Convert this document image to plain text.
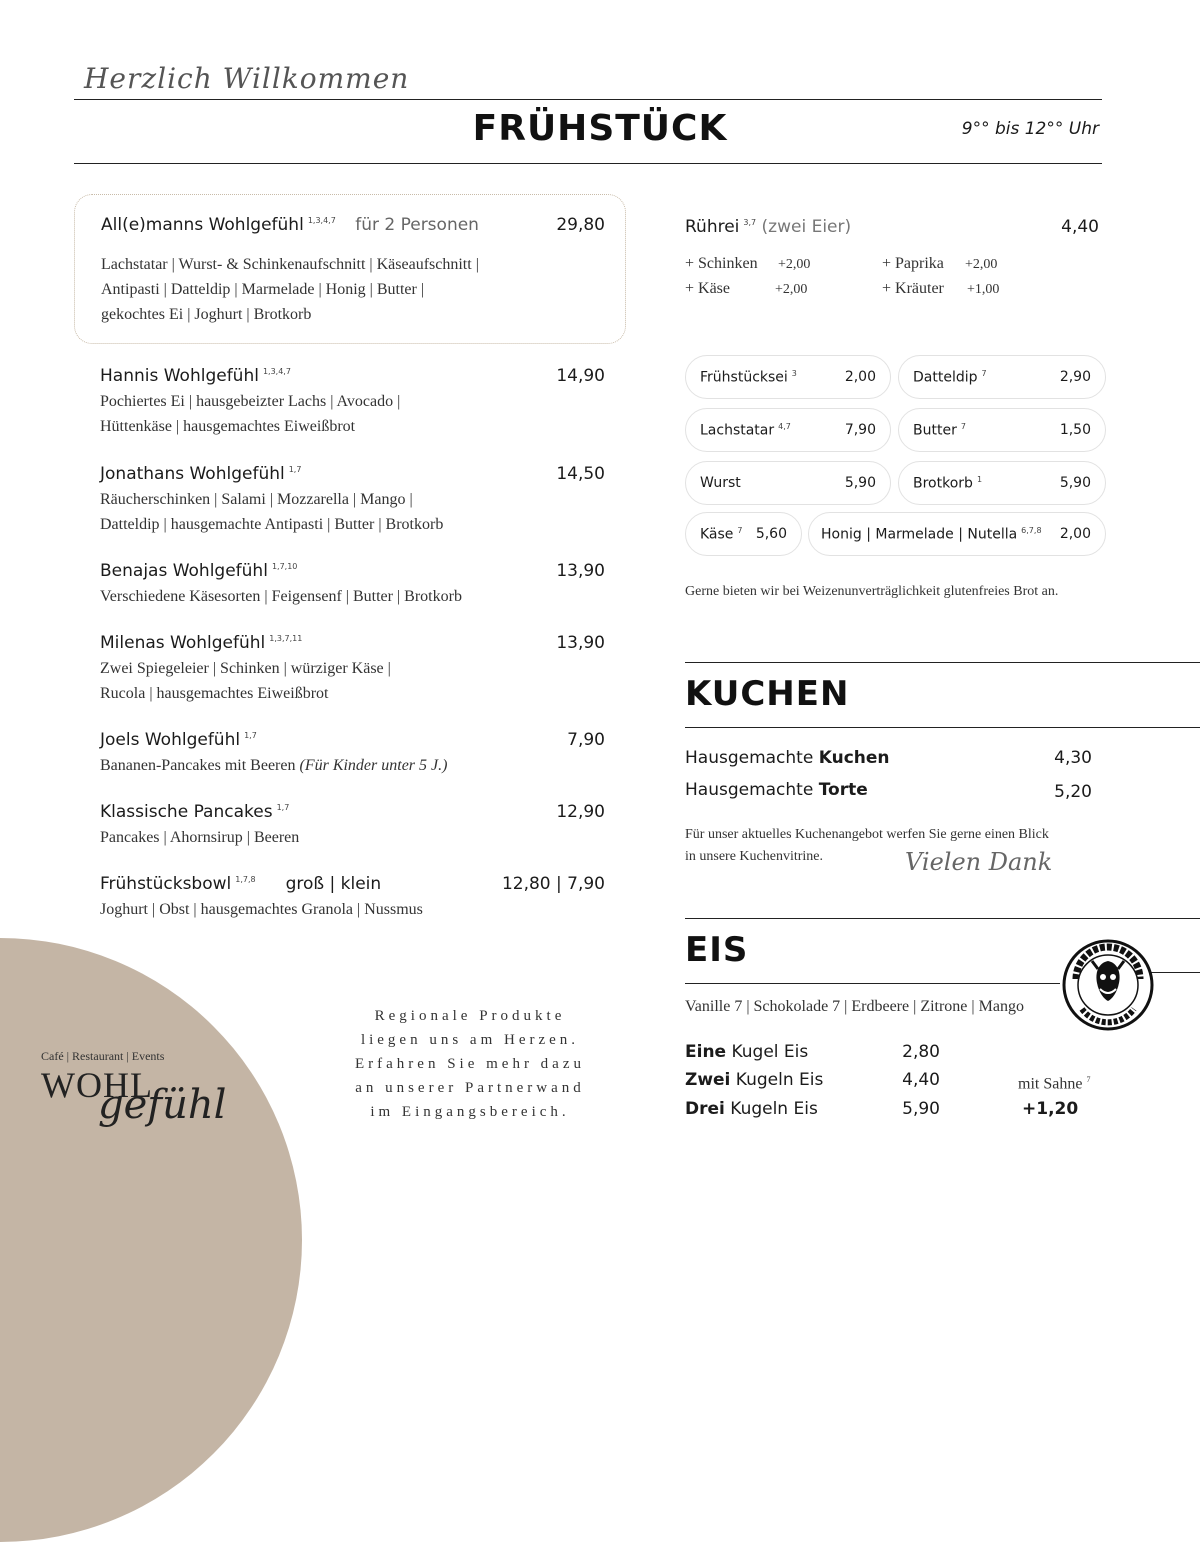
Herzlich Willkommen
FRÜHSTÜCK	9°° bis 12°° Uhr
All(e)manns Wohlgefühl $^{1,3,4,7}$ für 2 Personen	29,80
Lachstatar | Wurst- & Schinkenaufschnitt | Käseaufschnitt |
Antipasti | Datteldip | Marmelade | Honig | Butter |
gekochtes Ei | Joghurt | Brotkorb
Hannis Wohlgefühl $^{1,3,4,7}$	14,90
Pochiertes Ei | hausgebeizter Lachs | Avocado |
Hüttenkäse | hausgemachtes Eiweißbrot
Jonathans Wohlgefühl $^{1,7}$	14,50
Räucherschinken | Salami | Mozzarella | Mango |
Datteldip | hausgemachte Antipasti | Butter | Brotkorb
Benajas Wohlgefühl $^{1,7,10}$	13,90
Verschiedene Käsesorten | Feigensenf | Butter | Brotkorb
Milenas Wohlgefühl $^{1,3,7,11}$	13,90
Zwei Spiegeleier | Schinken | würziger Käse |
Rucola | hausgemachtes Eiweißbrot
Joels Wohlgefühl $^{1,7}$	7,90
Bananen-Pancakes mit Beeren (Für Kinder unter 5 J.)
Klassische Pancakes $^{1,7}$	12,90
Pancakes | Ahornsirup | Beeren
Frühstücksbowl $^{1,7,8}$ groß | klein	12,80 | 7,90
Joghurt | Obst | hausgemachtes Granola | Nussmus
Rührei $^{3,7}$ (zwei Eier)	4,40
+ Schinken +2,00	+ Paprika +2,00
+ Käse	+2,00	+ Kräuter +1,00
Frühstücksei $^3$	2,00	Datteldip $^7$	2,90
Lachstatar $^{4,7}$	7,90	Butter $^7$	1,50
Wurst	5,90	Brotkorb $^1$	5,90
Käse $^7$ 5,60 Honig | Marmelade | Nutella $^{6,7,8}$ 2,00
Gerne bieten wir bei Weizenunverträglichkeit glutenfreies Brot an.
KUCHEN
Hausgemachte Kuchen	4,30
Hausgemachte Torte	5,20
Für unser aktuelles Kuchenangebot werfen Sie gerne einen Blick
in unsere Kuchenvitrine.	Vielen Dank
EIS
Vanille 7 | Schokolade 7 | Erdbeere | Zitrone | Mango
Eine Kugel Eis	2,80
Zwei Kugeln Eis	4,40
Drei Kugeln Eis	5,90
mit Sahne $^7$
+1,20
Regionale Produkte
liegen uns am Herzen.
Erfahren Sie mehr dazu
an unserer Partnerwand
im Eingangsbereich.
Café | Restaurant | Events
WOHL
gefühl
